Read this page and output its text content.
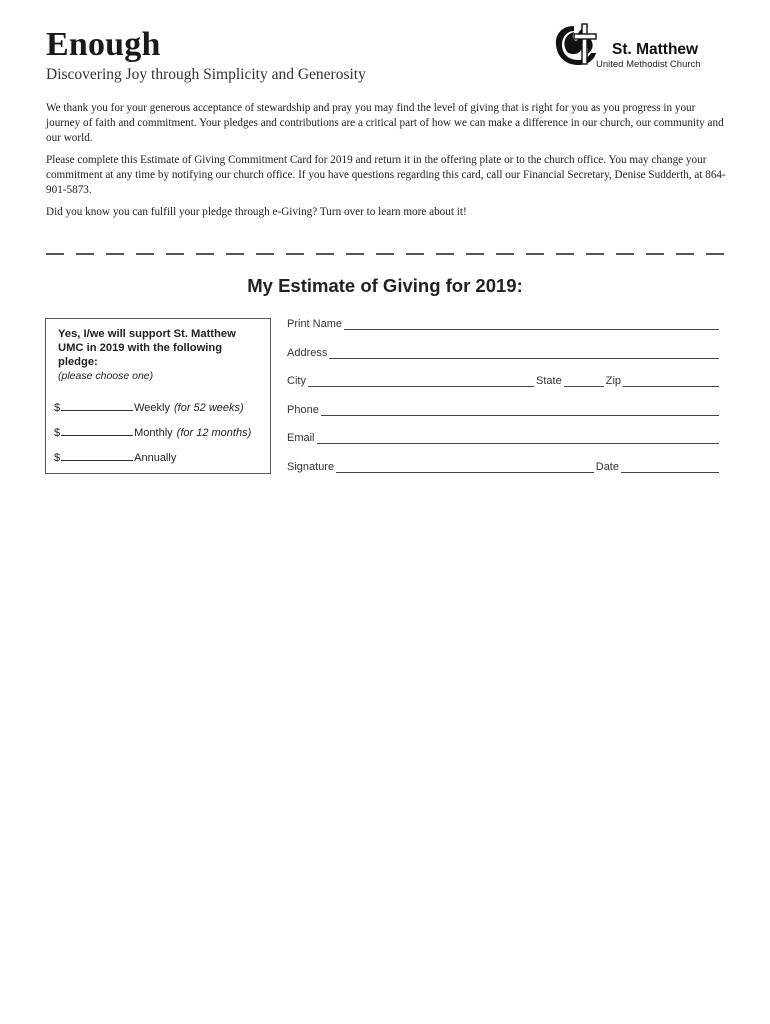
Enough
Discovering Joy through Simplicity and Generosity
St. Matthew
United Methodist Church

We thank you for your generous acceptance of stewardship and pray you may find the level of giving that is right for you as you progress in your journey of faith and commitment. Your pledges and contributions are a critical part of how we can make a difference in our church, our community and our world.

Please complete this Estimate of Giving Commitment Card for 2019 and return it in the offering plate or to the church office. You may change your commitment at any time by notifying our church office. If you have questions regarding this card, call our Financial Secretary, Denise Sudderth, at 864-901-5873.

Did you know you can fulfill your pledge through e-Giving? Turn over to learn more about it!

My Estimate of Giving for 2019:
Yes, I/we will support St. Matthew UMC in 2019 with the following pledge:
(please choose one)
$	Weekly (for 52 weeks)
$	Monthly (for 12 months)
$	Annually
Print Name
Address
City	State	Zip
Phone
Email
Signature	Date
